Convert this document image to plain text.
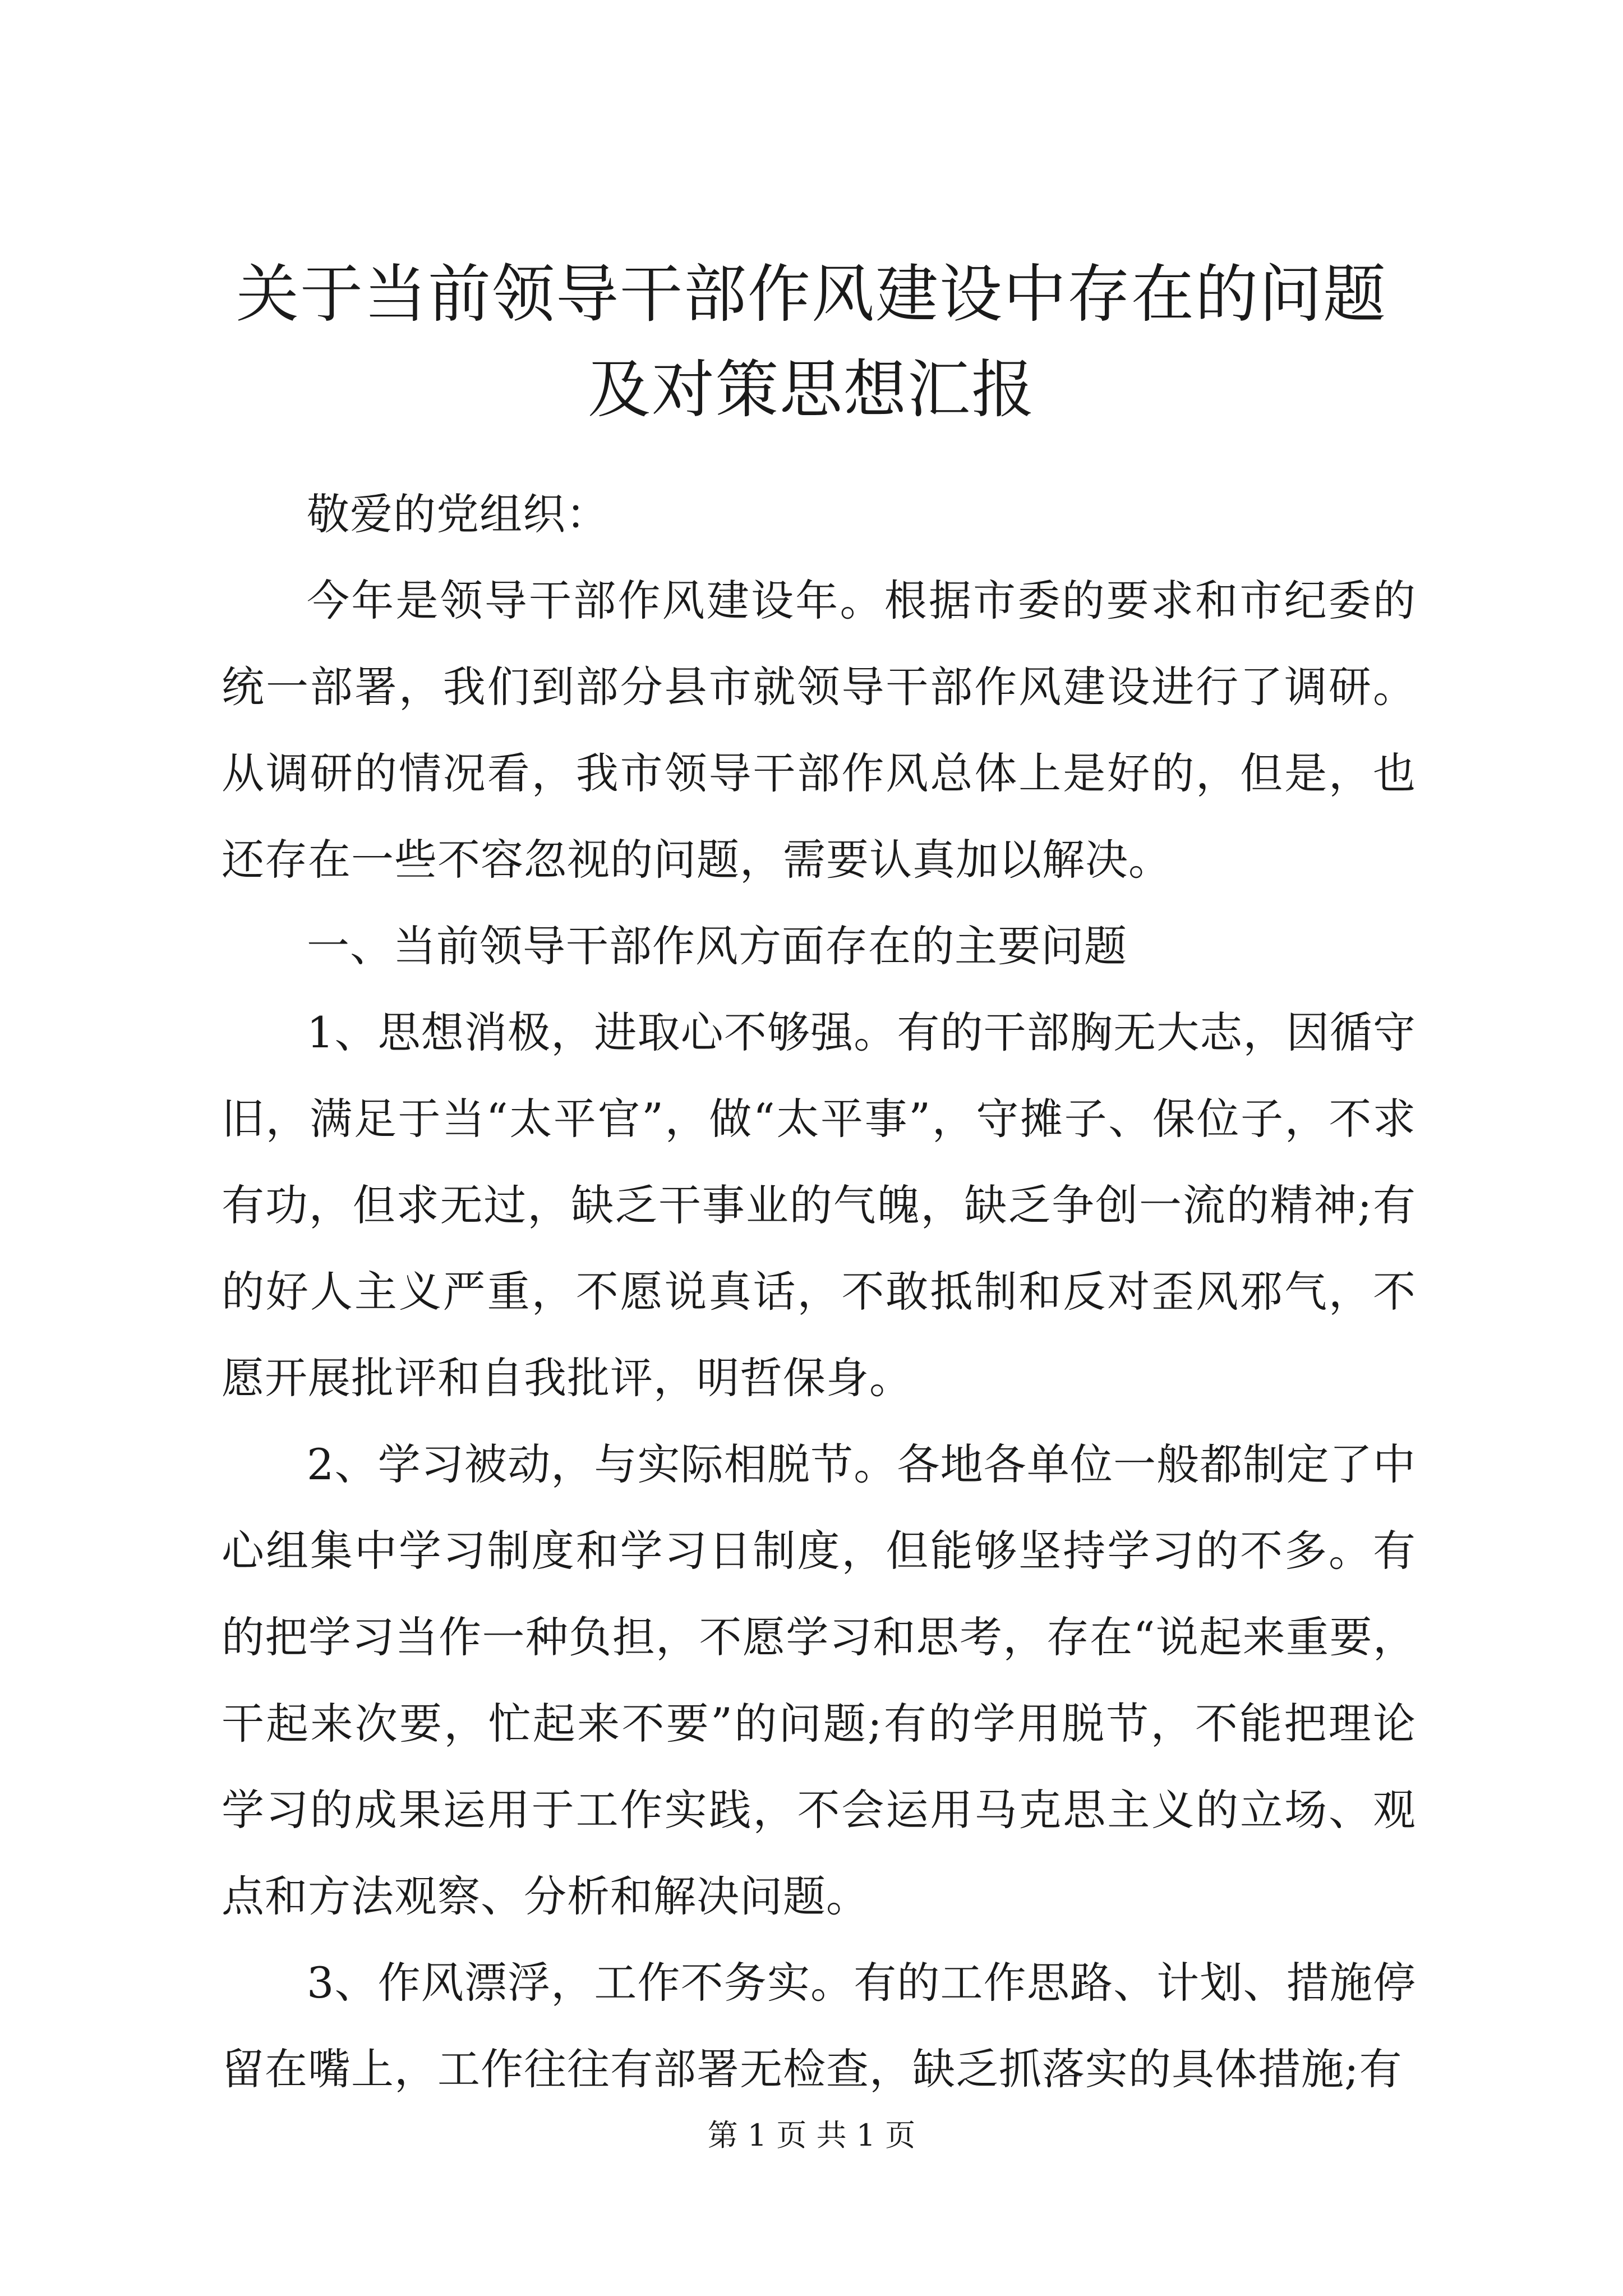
关于当前领导干部作风建设中存在的问题及对策思想汇报

敬爱的党组织：

今年是领导干部作风建设年。根据市委的要求和市纪委的统一部署，我们到部分县市就领导干部作风建设进行了调研。从调研的情况看，我市领导干部作风总体上是好的，但是，也还存在一些不容忽视的问题，需要认真加以解决。

一、当前领导干部作风方面存在的主要问题

1、思想消极，进取心不够强。有的干部胸无大志，因循守旧，满足于当“太平官”，做“太平事”，守摊子、保位子，不求有功，但求无过，缺乏干事业的气魄，缺乏争创一流的精神;有的好人主义严重，不愿说真话，不敢抵制和反对歪风邪气，不愿开展批评和自我批评，明哲保身。

2、学习被动，与实际相脱节。各地各单位一般都制定了中心组集中学习制度和学习日制度，但能够坚持学习的不多。有的把学习当作一种负担，不愿学习和思考，存在“说起来重要，干起来次要，忙起来不要”的问题;有的学用脱节，不能把理论学习的成果运用于工作实践，不会运用马克思主义的立场、观点和方法观察、分析和解决问题。

3、作风漂浮，工作不务实。有的工作思路、计划、措施停留在嘴上，工作往往有部署无检查，缺乏抓落实的具体措施;有

第 1 页 共 1 页
